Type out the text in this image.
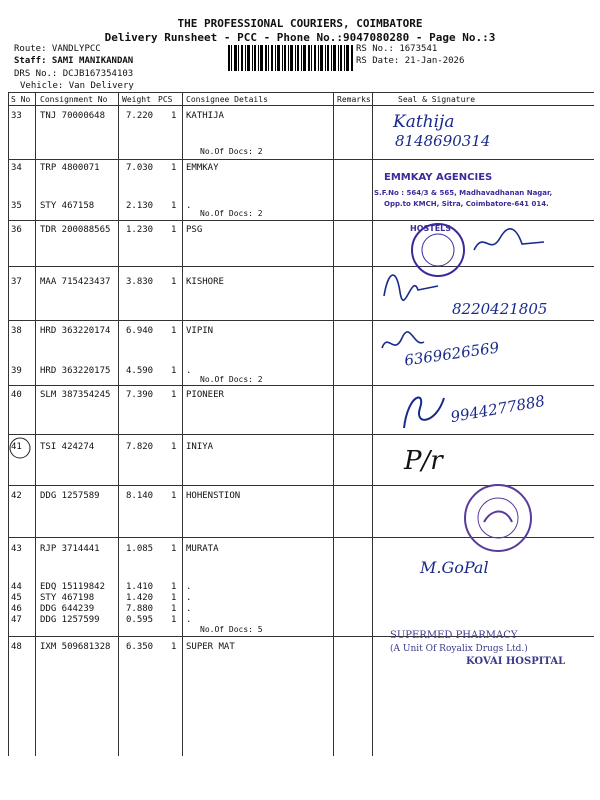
THE PROFESSIONAL COURIERS, COIMBATORE
Delivery Runsheet - PCC - Phone No.:9047080280 - Page No.:3
Route: VANDLYPCC
Staff: SAMI MANIKANDAN
DRS No.: DCJB167354103
Vehicle: Van Delivery
RS No.: 1673541
RS Date: 21-Jan-2026
S No Consignment No Weight PCS Consignee Details	Remarks	Seal & Signature
33 TNJ 70000648 7.220 1 KATHIJA
No.Of Docs: 2
34 TRP 4800071	7.030 1 EMMKAY
35 STY 467158	2.130 1 .
No.Of Docs: 2
36 TDR 200088565 1.230 1 PSG
37 MAA 715423437 3.830 1 KISHORE
38 HRD 363220174 6.940 1 VIPIN
39 HRD 363220175 4.590 1 .
No.Of Docs: 2
40 SLM 387354245 7.390 1 PIONEER
41 TSI 424274	7.820 1 INIYA
42 DDG 1257589	8.140 1 HOHENSTION
43 RJP 3714441	1.085 1 MURATA
44 EDQ 15119842 1.410 1 .
45 STY 467198	1.420 1 .
46 DDG 644239	7.880 1 .
47 DDG 1257599	0.595 1 .
No.Of Docs: 5
48 IXM 509681328 6.350 1 SUPER MAT
Kathija
8148690314
EMMKAY AGENCIES
S.F.No : 564/3 & 565, Madhavadhanan Nagar,
Opp.to KMCH, Sitra, Coimbatore-641 014.
HOSTELS
8220421805
6369626569
9944277888
P/r
M.GoPal
SUPERMED PHARMACY
(A Unit Of Royalix Drugs Ltd.)
KOVAI HOSPITAL
